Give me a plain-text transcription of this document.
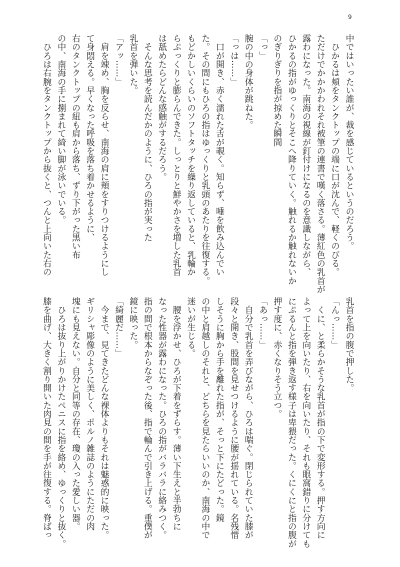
9
中ではいったい誰が、裁を感じているというのだろう。
　ひかるは頬をタンクトップの端に口が沈んで、軽くのびる。
ただけでかかかわれそれ被筆の連書で嘆く落さる。薄紅色の乳首が
露わになった。南海の視線が釘付けになるのを意識しながら、
ひかるの指がゆっくりとそこへ降りていく。触れるか触れないか
のぎりぎりを指が掠めた瞬間
「っ」
腕の中の身体が跳ねた。
「っは……」
　口が開き、赤く濡れた舌が覗く。知らず、唾を飲み込んでい
た。その間にもひろの指はゆっくりと乳頭のあたりを往復する。
もどかしいくらいのソフトタッチを繰り返していると、乳輪か
らぷっくりと膨らんできた。しっとりと鮮やかさを増した乳首
は舐めたらどんな感触がするだろう。
　そんな思考を読んだかのように、ひろの指が実った
乳首を弾いた。
「アッ……」
　肩を竦め、胸を反らせ、南海の肩に頬をすりつけるようにし
て身悶える。早くなった呼吸を落ち着かせるように、
右のタンクトップの紐も肩から落ち、ずり下がった黒い布
の中、南海の手に捌まれて綺い脚が泳いでいる。
　ひろは右腕をタンクトップから抜くと、つんと上向いた右の

乳首を指の腹で押した。
「んっ……」
　くに、と柔らかそうな乳首が指の下で変形する。押す方向に
よって上を向いたり、右を向いたり、それも眼窩錯りに分けても
にぷるんと指を弾き返す様子は卑猥だった。くにくにと指の腹が
押す度に、赤くなりそう立つ。
「あっ……」
　自分で乳首を弄びながら、ひろは喘ぐ。閉じられていた膝が
段々と開き、股間を見せつけるように腰が揺れている。名残惜
しそうに胸から手を離れた指が、そっと下にたどった。鏡
の中と肩越しのそれと、どちらを見たらいいのか、南海の中で
迷いが生じる。
　腰を浮かせ、ひろが下着をずらす。薄い下生えと半勃ちに
なった性器が露わになった。ひろの指がバラバラに絡みつく。
指の間で根本からなぞった後、指で輪んで引き上げる。重僕が
鏡に映った。
「綺麗だ……」
　今まで、見てきたどんな裸体よりもそれは魅惑的に映った。
ギリシャ彫像のように美しく、ポルノ雑誌のようにただの肉
塊にも見えない。自分と同等の存在、瓊の入った愛しい器。
　ひろは抜り上がりかけたペニスに指を絡め、ゆっくりと抜く。
膝を曲げ、大きく割り開いた肉見の間を手が往復する。脊ばっ
